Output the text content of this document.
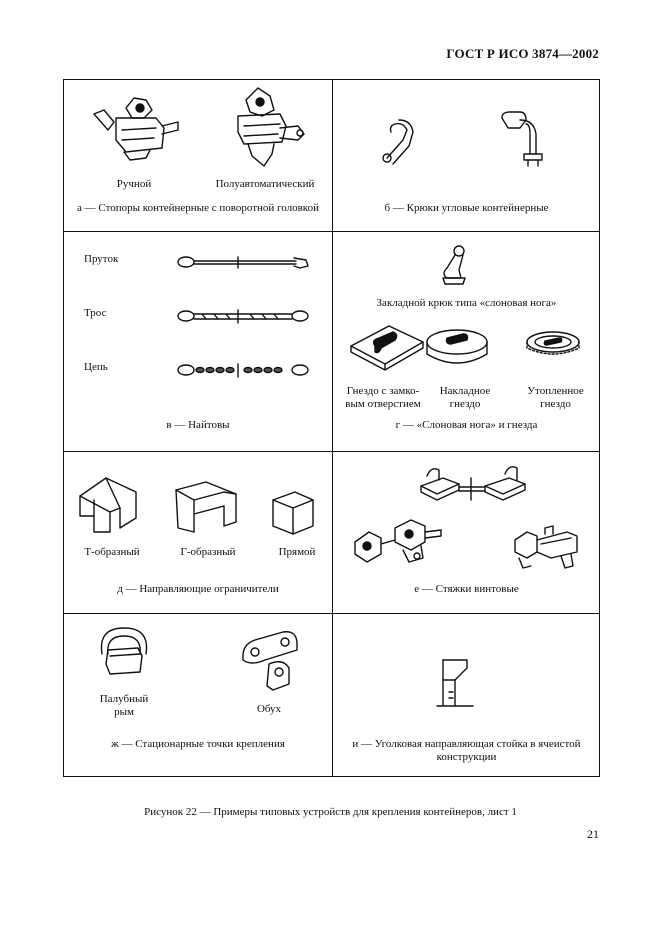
ГОСТ Р ИСО 3874—2002
Ручной	Полуавтоматический
а — Стопоры контейнерные с поворотной головкой	б — Крюки угловые контейнерные
Пруток
Трос
Цепь
в — Найтовы
Закладной крюк типа «слоновая нога»
Гнездо с замко-
вым отверстием
Накладное
гнездо
Утопленное
гнездо
г — «Слоновая нога» и гнезда
Т-образный	Г-образный	Прямой
д — Направляющие ограничители	е — Стяжки винтовые
Палубный
рым	Обух
ж — Стационарные точки крепления	и — Уголковая направляющая стойка в ячеистой
конструкции
Рисунок 22 — Примеры типовых устройств для крепления контейнеров, лист 1
21
